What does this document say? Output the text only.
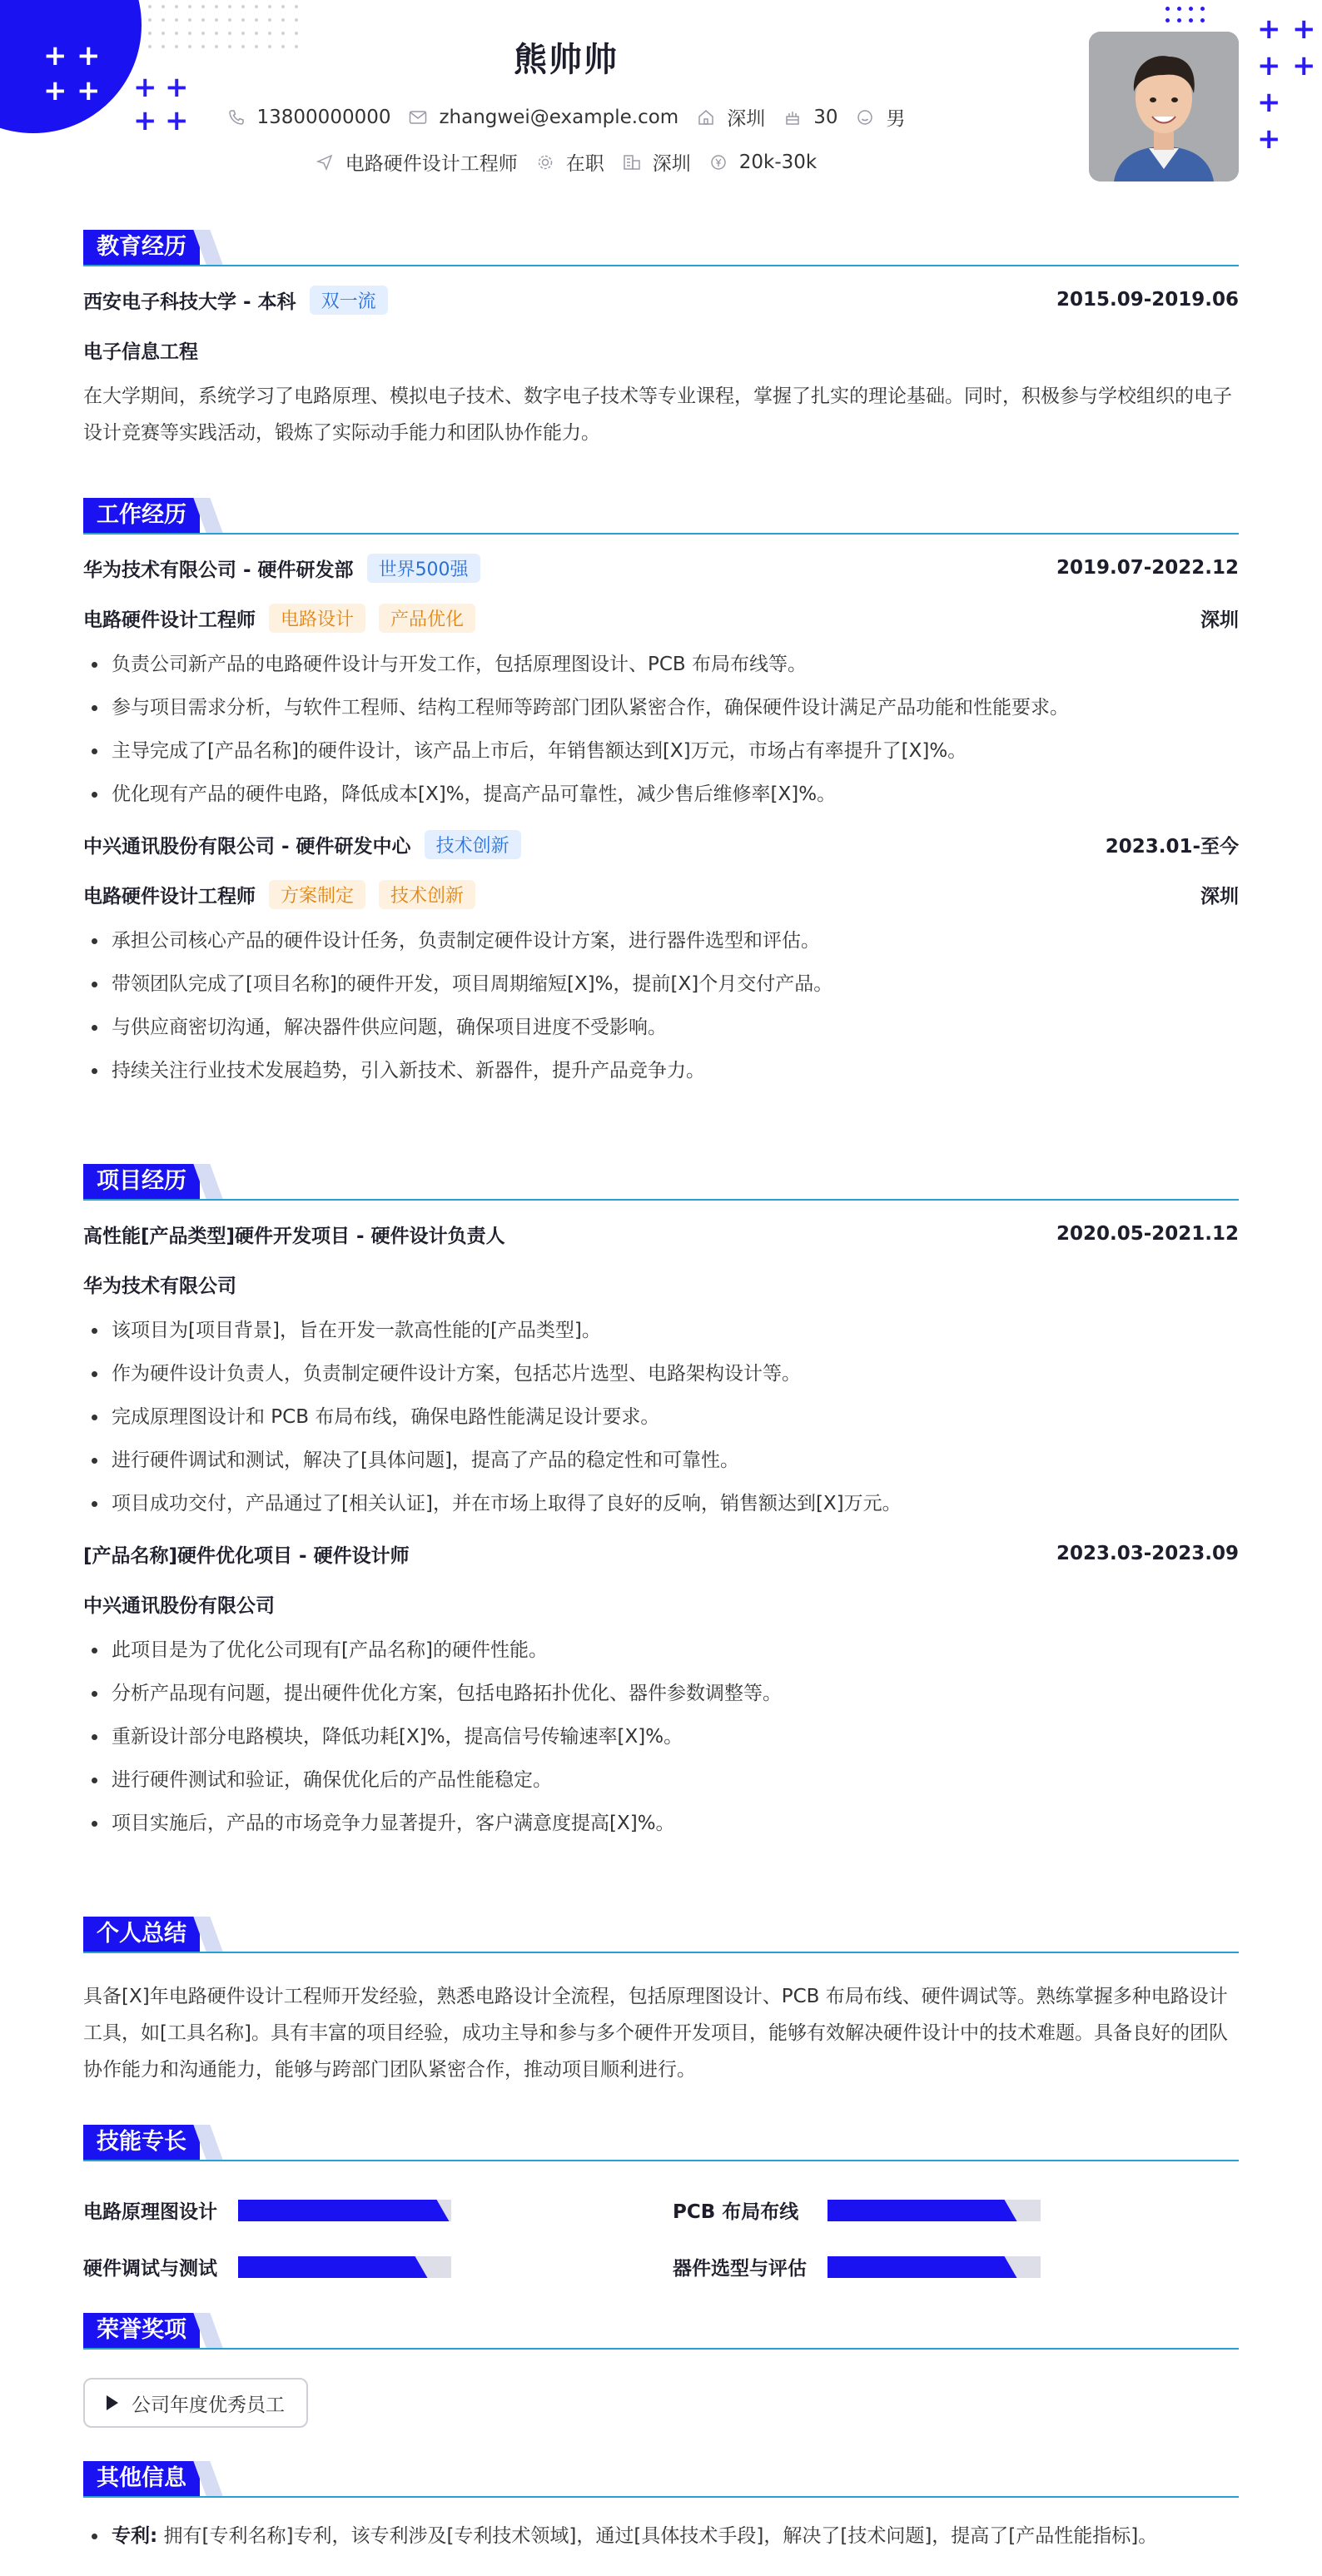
+ +
+ + + +
+ +
+ +
+ +
+
+
熊帅帅
13800000000	zhangwei@example.com	深圳	30	男
电路硬件设计工程师	在职	深圳	20k-30k
教育经历
西安电子科技大学 - 本科	双一流	2015.09-2019.06
电子信息工程

在大学期间，系统学习了电路原理、模拟电子技术、数字电子技术等专业课程，掌握了扎实的理论基础。同时，积极参与学校组织的电子设计竞赛等实践活动，锻炼了实际动手能力和团队协作能力。

工作经历
华为技术有限公司 - 硬件研发部	世界500强	2019.07-2022.12
电路硬件设计工程师	电路设计	产品优化	深圳
负责公司新产品的电路硬件设计与开发工作，包括原理图设计、PCB 布局布线等。
参与项目需求分析，与软件工程师、结构工程师等跨部门团队紧密合作，确保硬件设计满足产品功能和性能要求。
主导完成了[产品名称]的硬件设计，该产品上市后，年销售额达到[X]万元，市场占有率提升了[X]%。
优化现有产品的硬件电路，降低成本[X]%，提高产品可靠性，减少售后维修率[X]%。
中兴通讯股份有限公司 - 硬件研发中心	技术创新	2023.01-至今
电路硬件设计工程师	方案制定	技术创新	深圳
承担公司核心产品的硬件设计任务，负责制定硬件设计方案，进行器件选型和评估。
带领团队完成了[项目名称]的硬件开发，项目周期缩短[X]%，提前[X]个月交付产品。
与供应商密切沟通，解决器件供应问题，确保项目进度不受影响。
持续关注行业技术发展趋势，引入新技术、新器件，提升产品竞争力。
项目经历
高性能[产品类型]硬件开发项目 - 硬件设计负责人	2020.05-2021.12
华为技术有限公司
该项目为[项目背景]，旨在开发一款高性能的[产品类型]。
作为硬件设计负责人，负责制定硬件设计方案，包括芯片选型、电路架构设计等。
完成原理图设计和 PCB 布局布线，确保电路性能满足设计要求。
进行硬件调试和测试，解决了[具体问题]，提高了产品的稳定性和可靠性。
项目成功交付，产品通过了[相关认证]，并在市场上取得了良好的反响，销售额达到[X]万元。
[产品名称]硬件优化项目 - 硬件设计师	2023.03-2023.09
中兴通讯股份有限公司
此项目是为了优化公司现有[产品名称]的硬件性能。
分析产品现有问题，提出硬件优化方案，包括电路拓扑优化、器件参数调整等。
重新设计部分电路模块，降低功耗[X]%，提高信号传输速率[X]%。
进行硬件测试和验证，确保优化后的产品性能稳定。
项目实施后，产品的市场竞争力显著提升，客户满意度提高[X]%。
个人总结

具备[X]年电路硬件设计工程师开发经验，熟悉电路设计全流程，包括原理图设计、PCB 布局布线、硬件调试等。熟练掌握多种电路设计工具，如[工具名称]。具有丰富的项目经验，成功主导和参与多个硬件开发项目，能够有效解决硬件设计中的技术难题。具备良好的团队协作能力和沟通能力，能够与跨部门团队紧密合作，推动项目顺利进行。

技能专长
电路原理图设计	PCB 布局布线
硬件调试与测试	器件选型与评估
荣誉奖项
公司年度优秀员工
其他信息
专利: 拥有[专利名称]专利，该专利涉及[专利技术领域]，通过[具体技术手段]，解决了[技术问题]，提高了[产品性能指标]。
